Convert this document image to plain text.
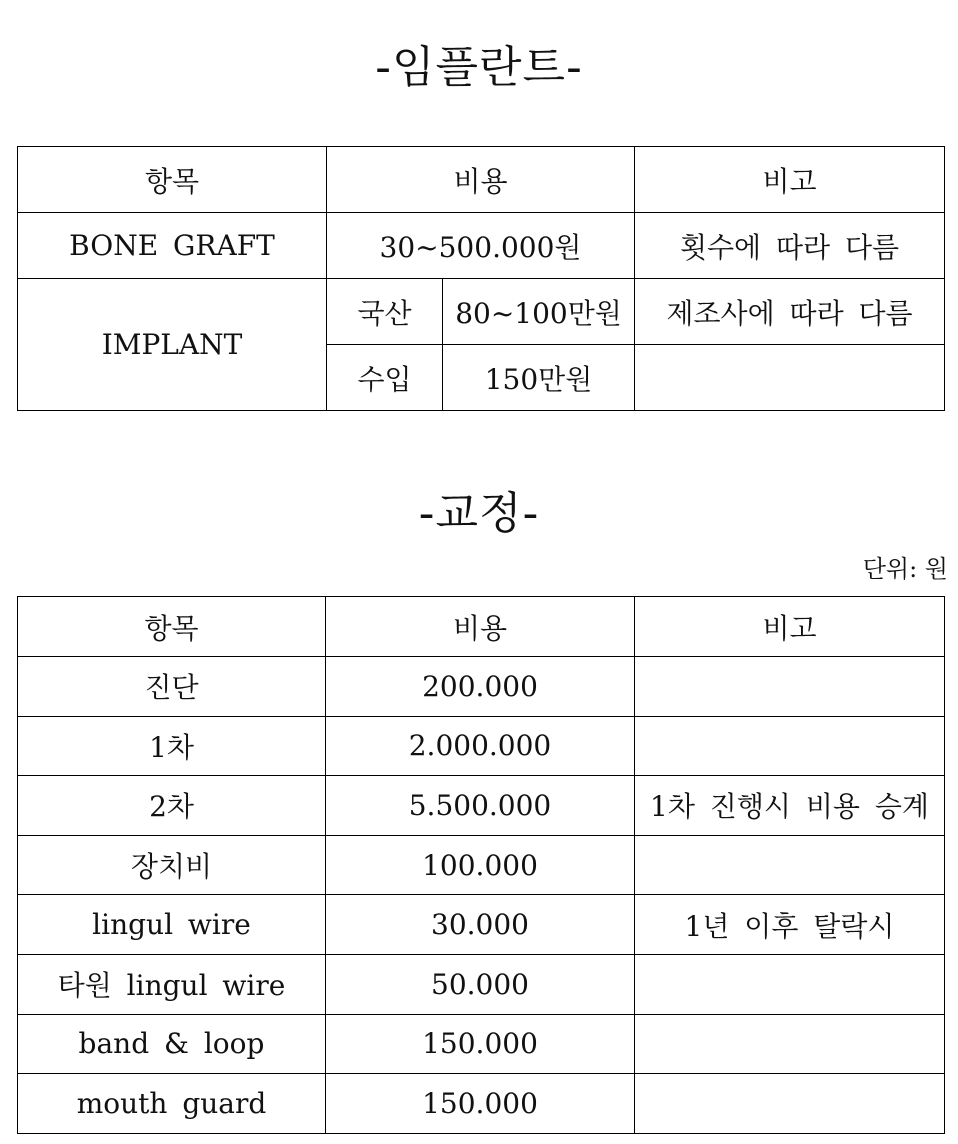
-임플란트-
항목	비용		비고
BONE GRAFT	30~500.000원		횟수에 따라 다름
IMPLANT	국산	80~100만원	제조사에 따라 다름
	수입	150만원	
-교정-
단위: 원
항목	비용	비고
진단	200.000	
1차	2.000.000	
2차	5.500.000	1차 진행시 비용 승계
장치비	100.000	
lingul wire	30.000	1년 이후 탈락시
타원 lingul wire	50.000	
band & loop	150.000	
mouth guard	150.000	
